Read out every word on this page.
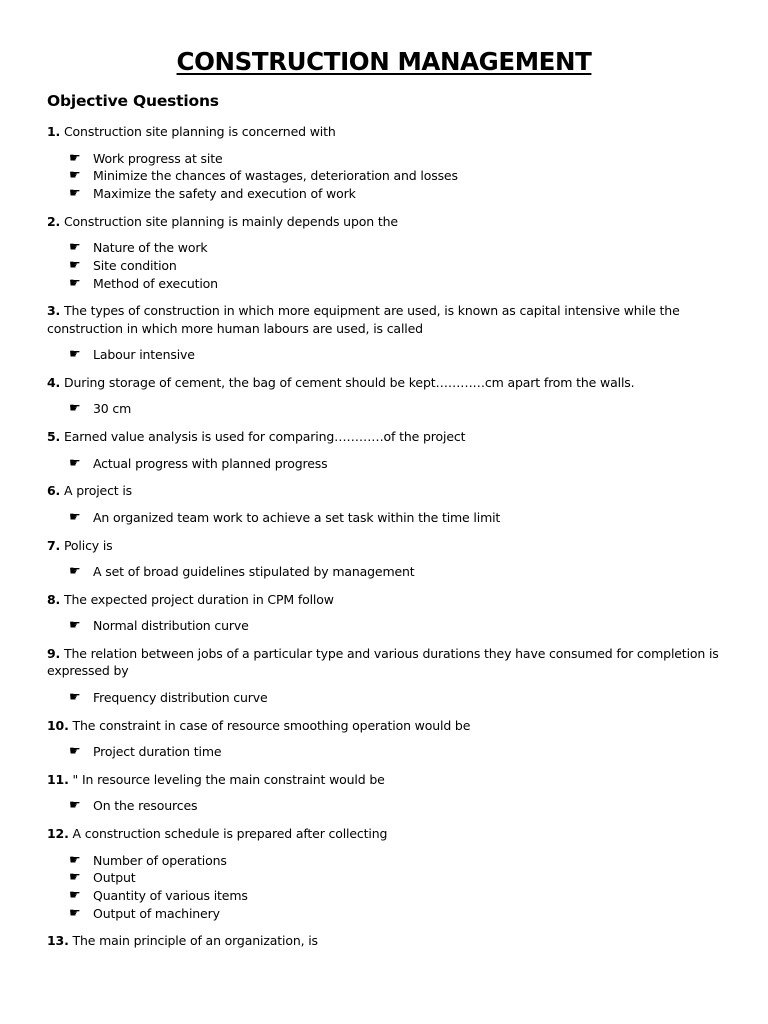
CONSTRUCTION MANAGEMENT
Objective Questions

1. Construction site planning is concerned with

☛ Work progress at site
☛ Minimize the chances of wastages, deterioration and losses
☛ Maximize the safety and execution of work

2. Construction site planning is mainly depends upon the

☛ Nature of the work
☛ Site condition
☛ Method of execution

3. The types of construction in which more equipment are used, is known as capital intensive while the construction in which more human labours are used, is called

☛ Labour intensive

4. During storage of cement, the bag of cement should be kept…………cm apart from the walls.

☛ 30 cm

5. Earned value analysis is used for comparing…………of the project

☛ Actual progress with planned progress

6. A project is

☛ An organized team work to achieve a set task within the time limit

7. Policy is

☛ A set of broad guidelines stipulated by management

8. The expected project duration in CPM follow

☛ Normal distribution curve

9. The relation between jobs of a particular type and various durations they have consumed for completion is expressed by

☛ Frequency distribution curve

10. The constraint in case of resource smoothing operation would be

☛ Project duration time

11. " In resource leveling the main constraint would be

☛ On the resources

12. A construction schedule is prepared after collecting

☛ Number of operations
☛ Output
☛ Quantity of various items
☛ Output of machinery

13. The main principle of an organization, is
